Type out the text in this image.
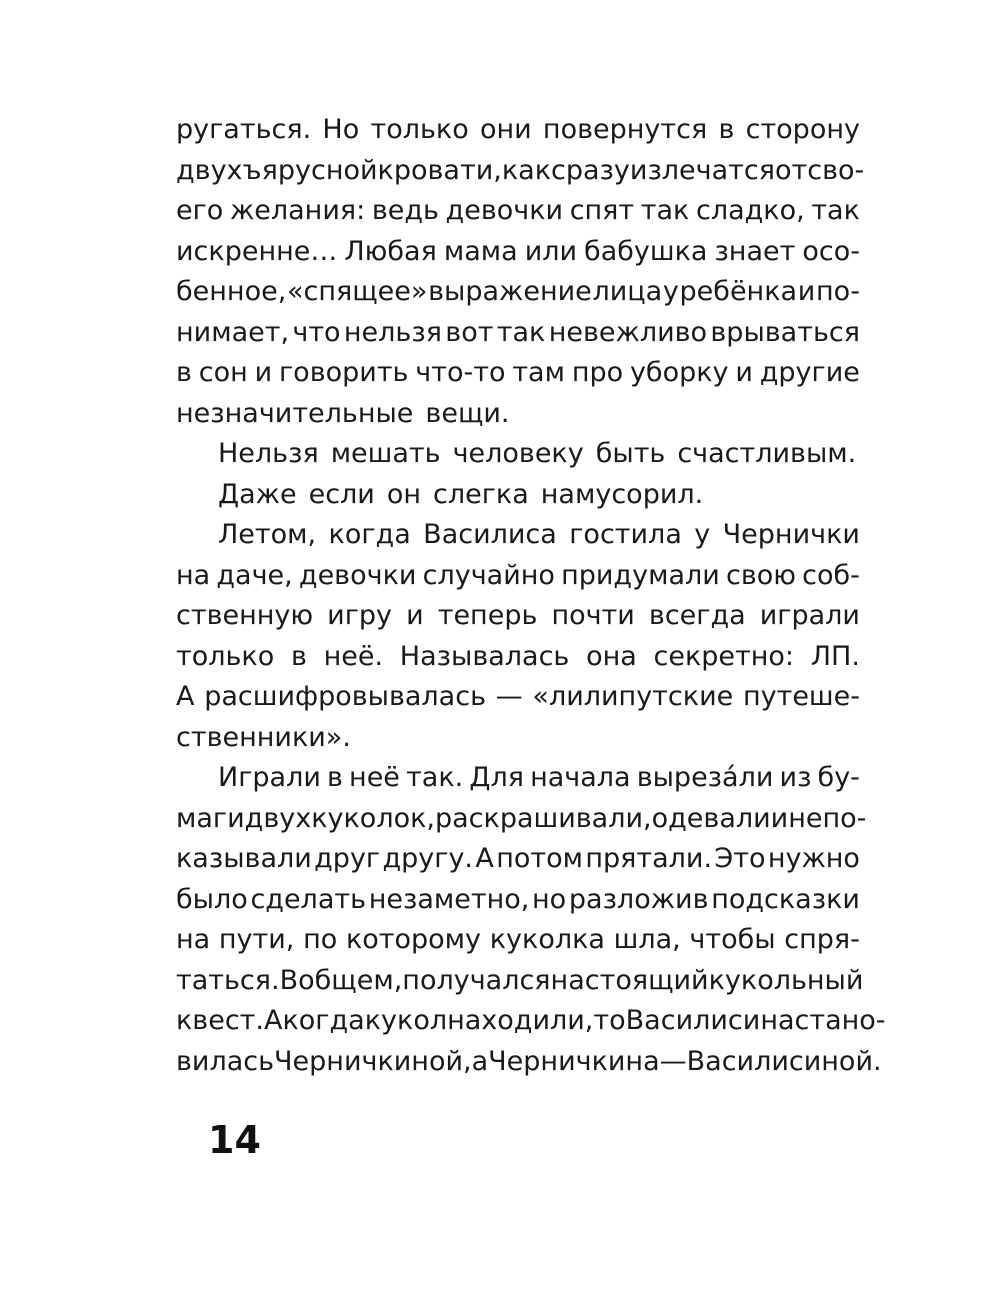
ругаться. Но только они повернутся в сторону
двухъярусной кровати, как сразу излечатся от сво-
его желания: ведь девочки спят так сладко, так
искренне… Любая мама или бабушка знает осо-
бенное, «спящее» выражение лица у ребёнка и по-
нимает, что нельзя вот так невежливо врываться
в сон и говорить что-то там про уборку и другие
незначительные вещи.
Нельзя мешать человеку быть счастливым.
Даже если он слегка намусорил.
Летом, когда Василиса гостила у Чернички
на даче, девочки случайно придумали свою соб-
ственную игру и теперь почти всегда играли
только в неё. Называлась она секретно: ЛП.
А расшифровывалась — «лилипутские путеше-
ственники».
Играли в неё так. Для начала выреза́ли из бу-
маги двух куколок, раскрашивали, одевали и не по-
казывали друг другу. А потом прятали. Это нужно
было сделать незаметно, но разложив подсказки
на пути, по которому куколка шла, чтобы спря-
таться. В общем, получался настоящий кукольный
квест. А когда кукол находили, то Василисина стано-
вилась Черничкиной, а Черничкина — Василисиной.
14
